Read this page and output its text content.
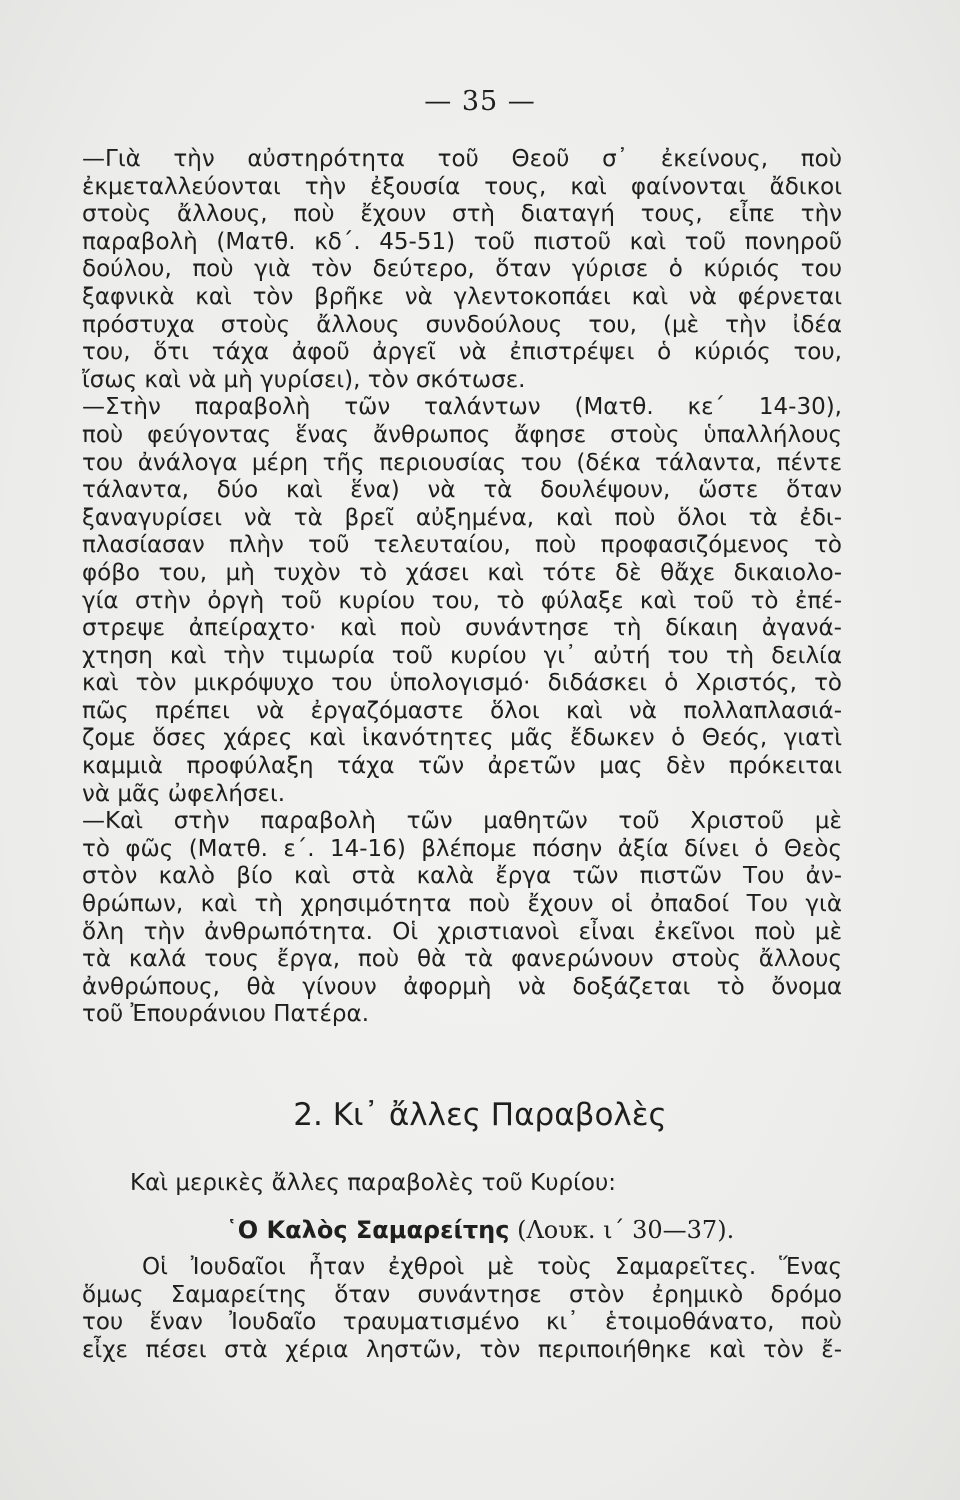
— 35 —
—Γιὰ τὴν αὐστηρότητα τοῦ Θεοῦ σ᾿ ἐκείνους, ποὺ
ἐκμεταλλεύονται τὴν ἐξουσία τους, καὶ φαίνονται ἄδικοι
στοὺς ἄλλους, ποὺ ἔχουν στὴ διαταγή τους, εἶπε τὴν
παραβολὴ (Ματθ. κδ΄. 45-51) τοῦ πιστοῦ καὶ τοῦ πονηροῦ
δούλου, ποὺ γιὰ τὸν δεύτερο, ὅταν γύρισε ὁ κύριός του
ξαφνικὰ καὶ τὸν βρῆκε νὰ γλεντοκοπάει καὶ νὰ φέρνεται
πρόστυχα στοὺς ἄλλους συνδούλους του, (μὲ τὴν ἰδέα
του, ὅτι τάχα ἀφοῦ ἀργεῖ νὰ ἐπιστρέψει ὁ κύριός του,
ἴσως καὶ νὰ μὴ γυρίσει), τὸν σκότωσε.
—Στὴν παραβολὴ τῶν ταλάντων (Ματθ. κε΄ 14-30),
ποὺ φεύγοντας ἕνας ἄνθρωπος ἄφησε στοὺς ὑπαλλήλους
του ἀνάλογα μέρη τῆς περιουσίας του (δέκα τάλαντα, πέντε
τάλαντα, δύο καὶ ἕνα) νὰ τὰ δουλέψουν, ὥστε ὅταν
ξαναγυρίσει νὰ τὰ βρεῖ αὐξημένα, καὶ ποὺ ὅλοι τὰ ἐδι-
πλασίασαν πλὴν τοῦ τελευταίου, ποὺ προφασιζόμενος τὸ
φόβο του, μὴ τυχὸν τὸ χάσει καὶ τότε δὲ θἄχε δικαιολο-
γία στὴν ὀργὴ τοῦ κυρίου του, τὸ φύλαξε καὶ τοῦ τὸ ἐπέ-
στρεψε ἀπείραχτο· καὶ ποὺ συνάντησε τὴ δίκαιη ἀγανά-
χτηση καὶ τὴν τιμωρία τοῦ κυρίου γι᾿ αὐτή του τὴ δειλία
καὶ τὸν μικρόψυχο του ὑπολογισμό· διδάσκει ὁ Χριστός, τὸ
πῶς πρέπει νὰ ἐργαζόμαστε ὅλοι καὶ νὰ πολλαπλασιά-
ζομε ὅσες χάρες καὶ ἱκανότητες μᾶς ἔδωκεν ὁ Θεός, γιατὶ
καμμιὰ προφύλαξη τάχα τῶν ἀρετῶν μας δὲν πρόκειται
νὰ μᾶς ὠφελήσει.
—Καὶ στὴν παραβολὴ τῶν μαθητῶν τοῦ Χριστοῦ μὲ
τὸ φῶς (Ματθ. ε΄. 14-16) βλέπομε πόσην ἀξία δίνει ὁ Θεὸς
στὸν καλὸ βίο καὶ στὰ καλὰ ἔργα τῶν πιστῶν Του ἀν-
θρώπων, καὶ τὴ χρησιμότητα ποὺ ἔχουν οἱ ὀπαδοί Του γιὰ
ὅλη τὴν ἀνθρωπότητα. Οἱ χριστιανοὶ εἶναι ἐκεῖνοι ποὺ μὲ
τὰ καλά τους ἔργα, ποὺ θὰ τὰ φανερώνουν στοὺς ἄλλους
ἀνθρώπους, θὰ γίνουν ἀφορμὴ νὰ δοξάζεται τὸ ὄνομα
τοῦ Ἐπουράνιου Πατέρα.
2. Κι᾿ ἄλλες Παραβολὲς
Καὶ μερικὲς ἄλλες παραβολὲς τοῦ Κυρίου:
῾Ο Καλὸς Σαμαρείτης (Λουκ. ι΄ 30—37).
Οἱ Ἰουδαῖοι ἦταν ἐχθροὶ μὲ τοὺς Σαμαρεῖτες. Ἕνας
ὅμως Σαμαρείτης ὅταν συνάντησε στὸν ἐρημικὸ δρόμο
του ἕναν Ἰουδαῖο τραυματισμένο κι᾿ ἑτοιμοθάνατο, ποὺ
εἶχε πέσει στὰ χέρια ληστῶν, τὸν περιποιήθηκε καὶ τὸν ἔ-
